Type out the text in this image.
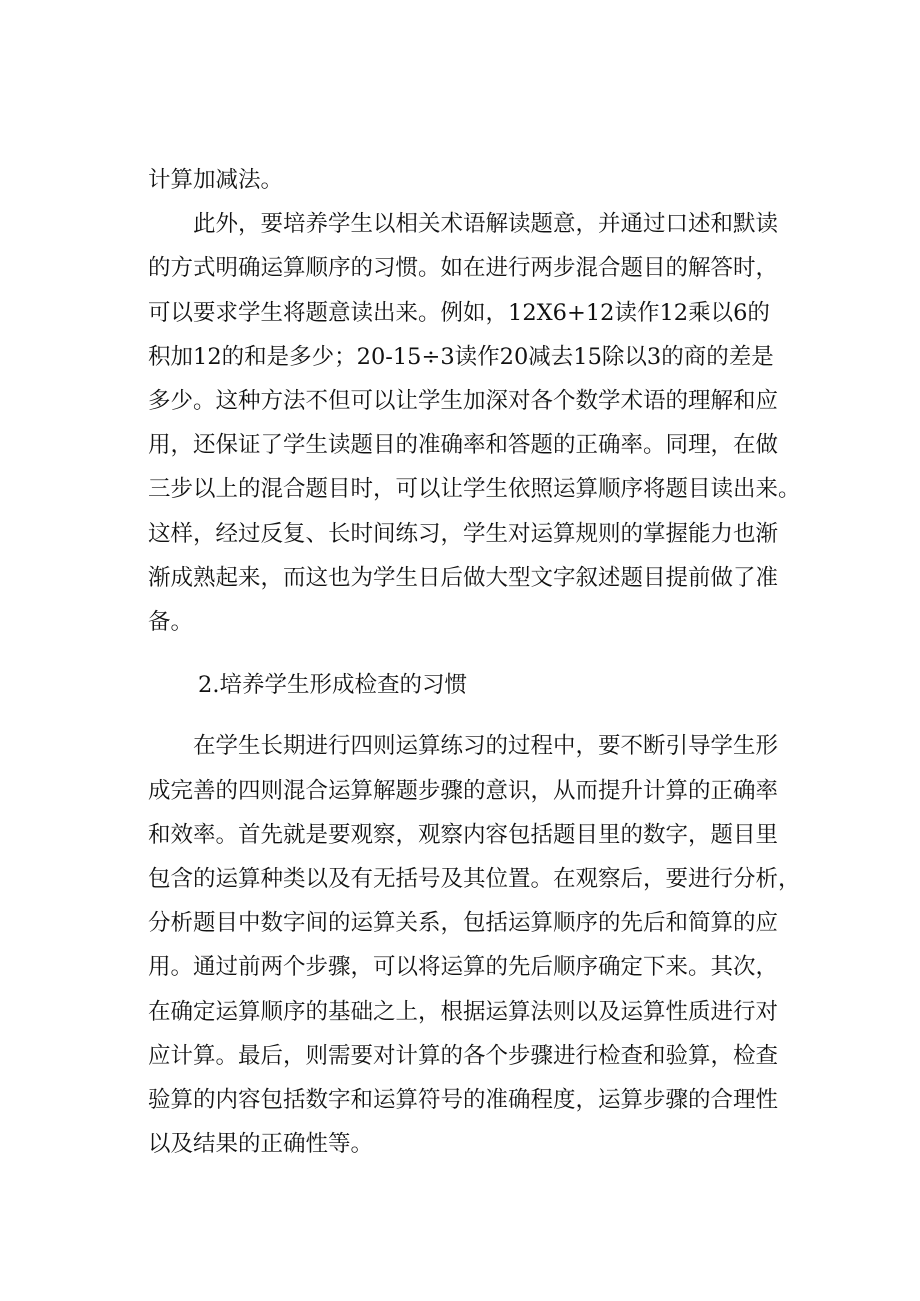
计算加减法。

此外，要培养学生以相关术语解读题意，并通过口述和默读

的方式明确运算顺序的习惯。如在进行两步混合题目的解答时，

可以要求学生将题意读出来。例如，12X6+12读作12乘以6的

积加12的和是多少；20-15÷3读作20减去15除以3的商的差是

多少。这种方法不但可以让学生加深对各个数学术语的理解和应

用，还保证了学生读题目的准确率和答题的正确率。同理，在做

三步以上的混合题目时，可以让学生依照运算顺序将题目读出来。

这样，经过反复、长时间练习，学生对运算规则的掌握能力也渐

渐成熟起来，而这也为学生日后做大型文字叙述题目提前做了准

备。

2.培养学生形成检查的习惯

在学生长期进行四则运算练习的过程中，要不断引导学生形

成完善的四则混合运算解题步骤的意识，从而提升计算的正确率

和效率。首先就是要观察，观察内容包括题目里的数字，题目里

包含的运算种类以及有无括号及其位置。在观察后，要进行分析，

分析题目中数字间的运算关系，包括运算顺序的先后和简算的应

用。通过前两个步骤，可以将运算的先后顺序确定下来。其次，

在确定运算顺序的基础之上，根据运算法则以及运算性质进行对

应计算。最后，则需要对计算的各个步骤进行检查和验算，检查

验算的内容包括数字和运算符号的准确程度，运算步骤的合理性

以及结果的正确性等。
